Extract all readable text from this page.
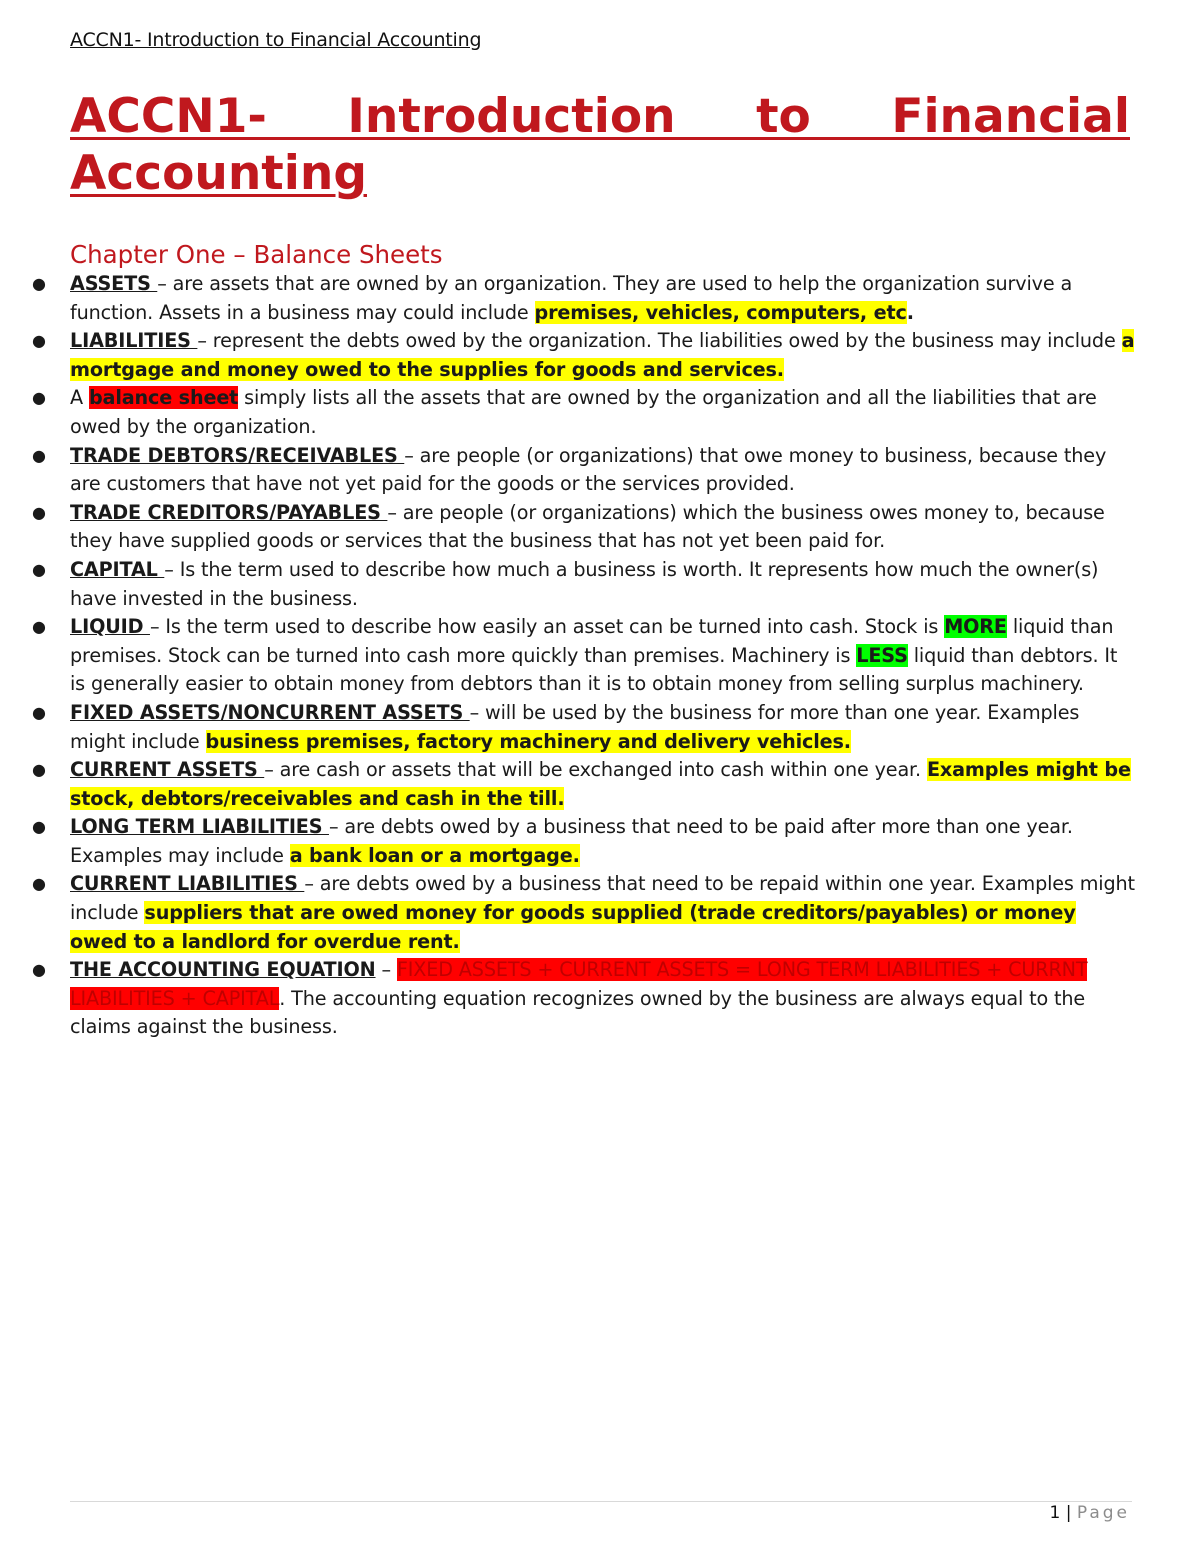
ACCN1- Introduction to Financial Accounting
ACCN1- Introduction to Financial Accounting
Chapter One – Balance Sheets
● ASSETS – are assets that are owned by an organization. They are used to help the organization survive a function. Assets in a business may could include premises, vehicles, computers, etc.
● LIABILITIES – represent the debts owed by the organization. The liabilities owed by the business may include a mortgage and money owed to the supplies for goods and services.
● A balance sheet simply lists all the assets that are owned by the organization and all the liabilities that are owed by the organization.
● TRADE DEBTORS/RECEIVABLES – are people (or organizations) that owe money to business, because they are customers that have not yet paid for the goods or the services provided.
● TRADE CREDITORS/PAYABLES – are people (or organizations) which the business owes money to, because they have supplied goods or services that the business that has not yet been paid for.
● CAPITAL – Is the term used to describe how much a business is worth. It represents how much the owner(s) have invested in the business.
● LIQUID – Is the term used to describe how easily an asset can be turned into cash. Stock is MORE liquid than premises. Stock can be turned into cash more quickly than premises. Machinery is LESS liquid than debtors. It is generally easier to obtain money from debtors than it is to obtain money from selling surplus machinery.
● FIXED ASSETS/NONCURRENT ASSETS – will be used by the business for more than one year. Examples might include business premises, factory machinery and delivery vehicles.
● CURRENT ASSETS – are cash or assets that will be exchanged into cash within one year. Examples might be stock, debtors/receivables and cash in the till.
● LONG TERM LIABILITIES – are debts owed by a business that need to be paid after more than one year. Examples may include a bank loan or a mortgage.
● CURRENT LIABILITIES – are debts owed by a business that need to be repaid within one year. Examples might include suppliers that are owed money for goods supplied (trade creditors/payables) or money owed to a landlord for overdue rent.
● THE ACCOUNTING EQUATION – FIXED ASSETS + CURRENT ASSETS = LONG TERM LIABILITIES + CURRNT LIABILITIES + CAPITAL. The accounting equation recognizes owned by the business are always equal to the claims against the business.
1 | Page
